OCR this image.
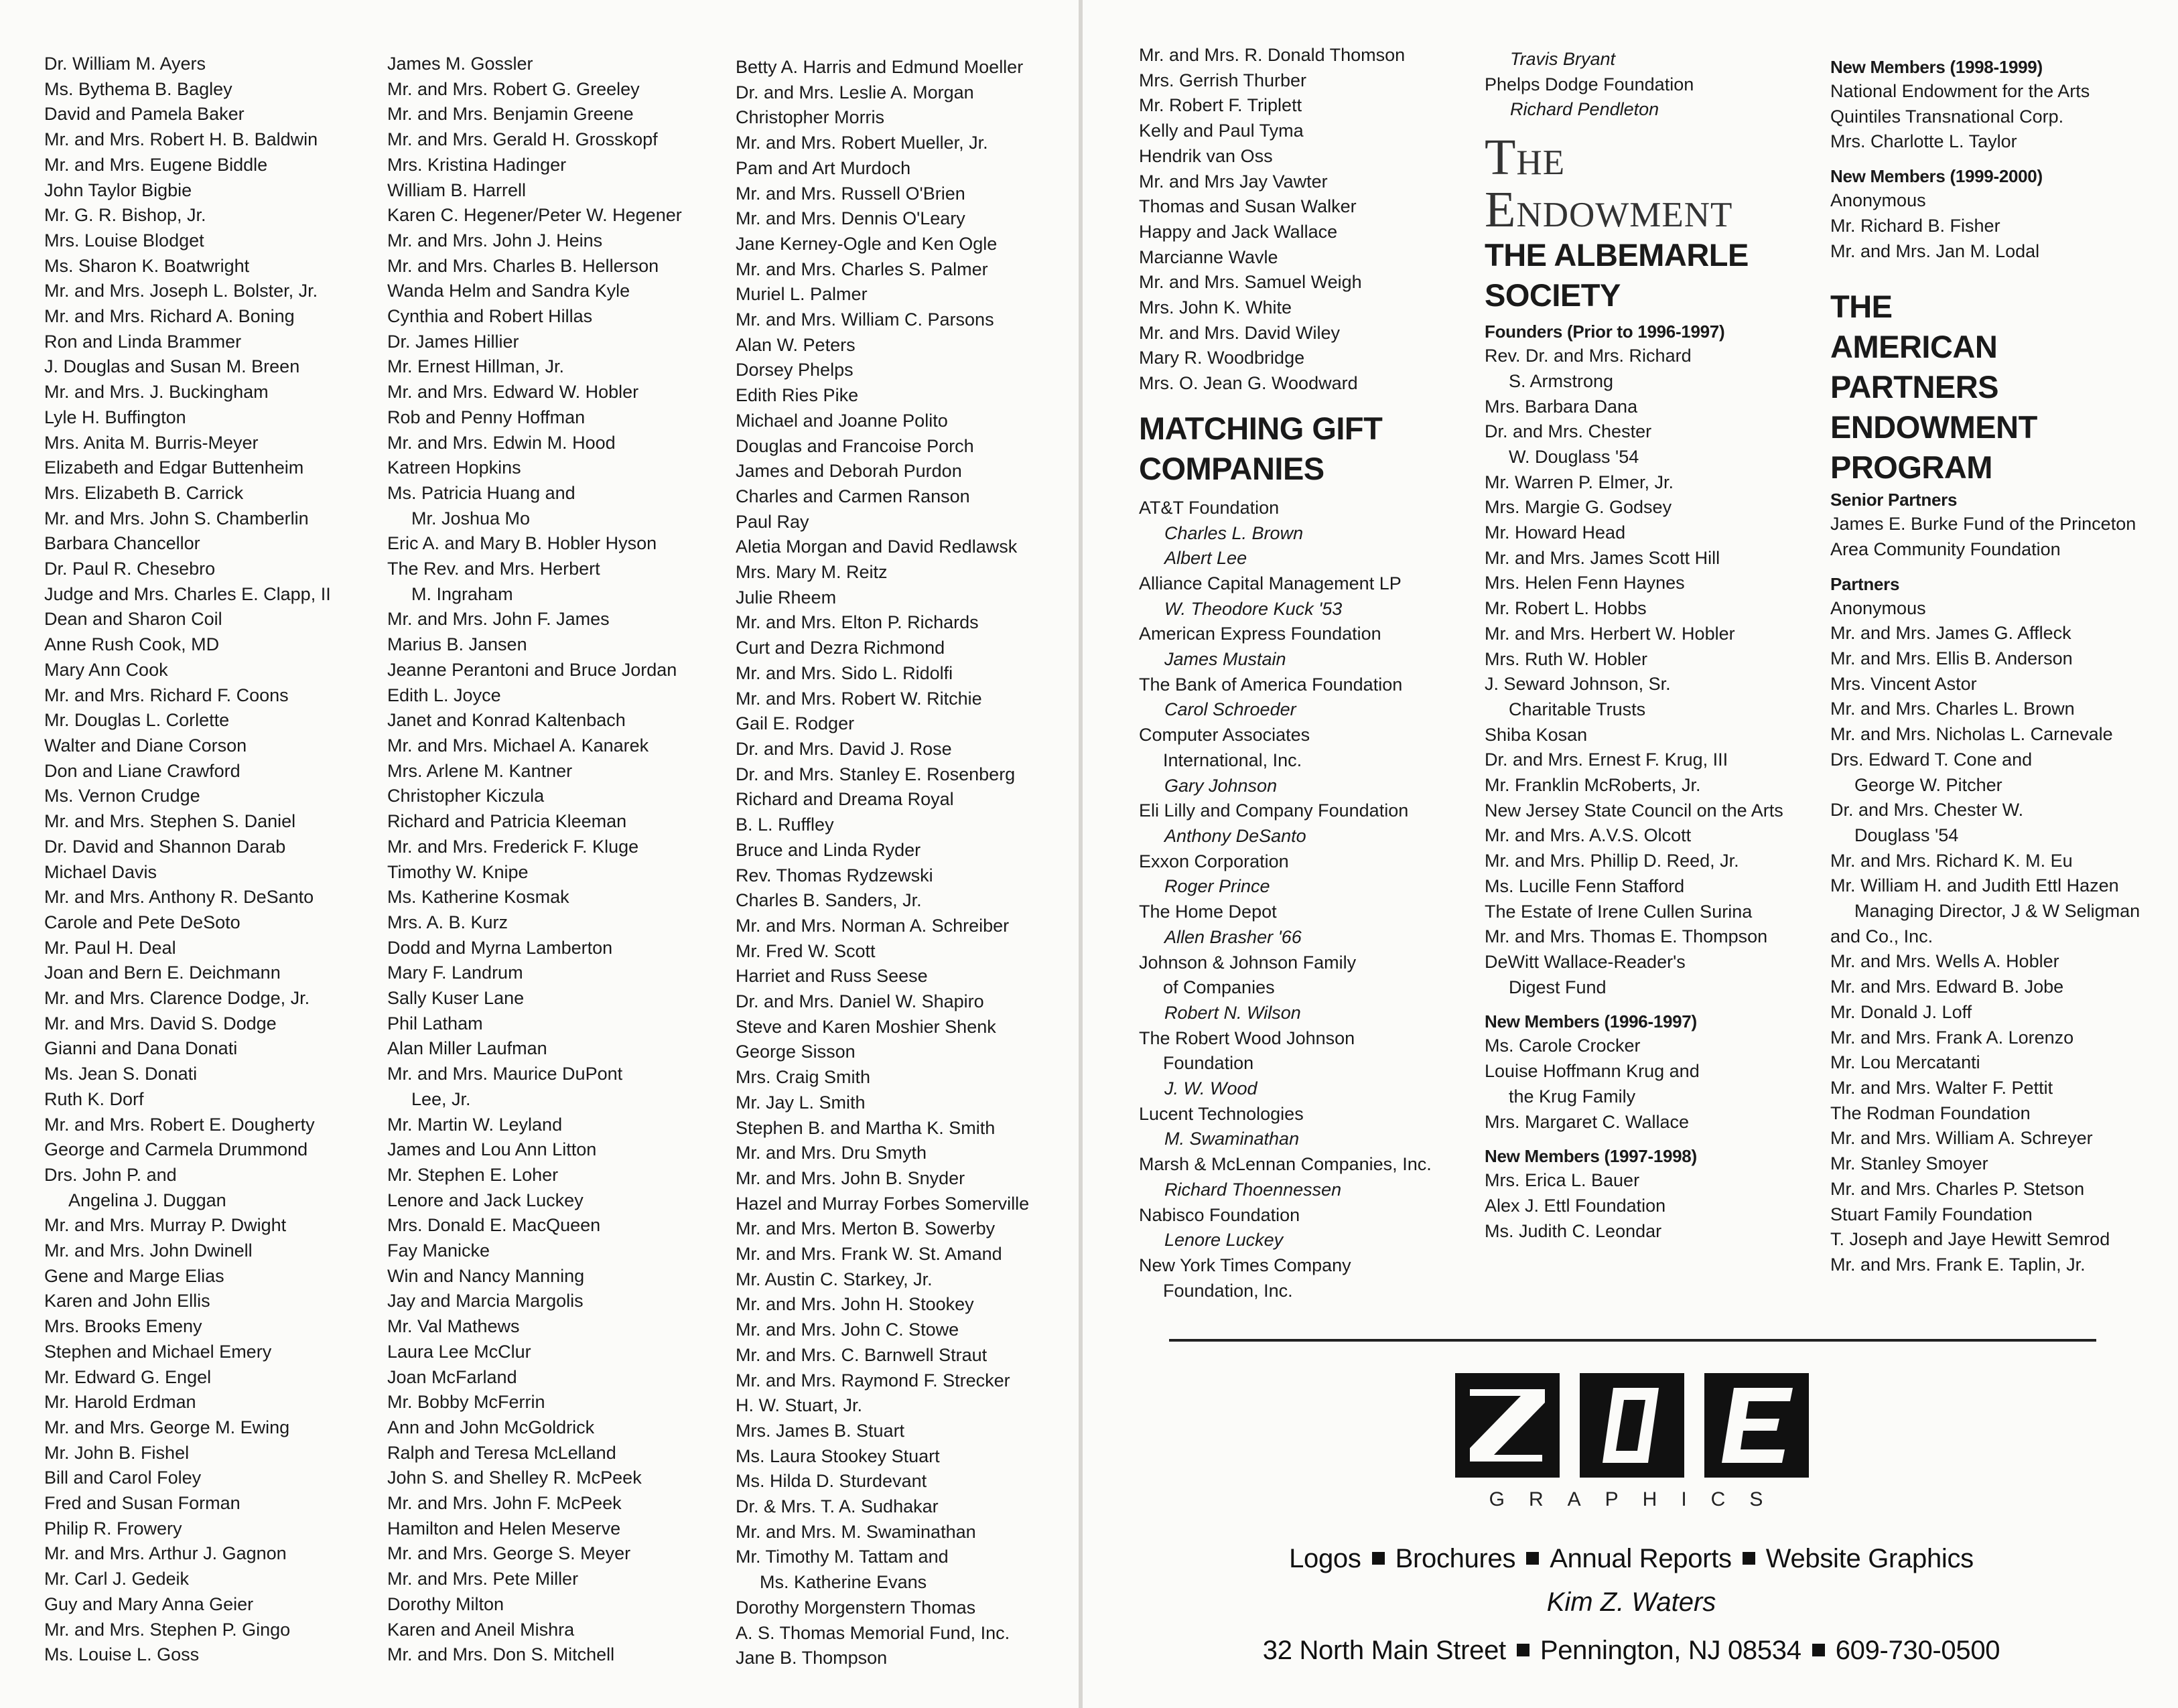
Dr. William M. Ayers
Ms. Bythema B. Bagley
David and Pamela Baker
Mr. and Mrs. Robert H. B. Baldwin
Mr. and Mrs. Eugene Biddle
John Taylor Bigbie
Mr. G. R. Bishop, Jr.
Mrs. Louise Blodget
Ms. Sharon K. Boatwright
Mr. and Mrs. Joseph L. Bolster, Jr.
Mr. and Mrs. Richard A. Boning
Ron and Linda Brammer
J. Douglas and Susan M. Breen
Mr. and Mrs. J. Buckingham
Lyle H. Buffington
Mrs. Anita M. Burris-Meyer
Elizabeth and Edgar Buttenheim
Mrs. Elizabeth B. Carrick
Mr. and Mrs. John S. Chamberlin
Barbara Chancellor
Dr. Paul R. Chesebro
Judge and Mrs. Charles E. Clapp, II
Dean and Sharon Coil
Anne Rush Cook, MD
Mary Ann Cook
Mr. and Mrs. Richard F. Coons
Mr. Douglas L. Corlette
Walter and Diane Corson
Don and Liane Crawford
Ms. Vernon Crudge
Mr. and Mrs. Stephen S. Daniel
Dr. David and Shannon Darab
Michael Davis
Mr. and Mrs. Anthony R. DeSanto
Carole and Pete DeSoto
Mr. Paul H. Deal
Joan and Bern E. Deichmann
Mr. and Mrs. Clarence Dodge, Jr.
Mr. and Mrs. David S. Dodge
Gianni and Dana Donati
Ms. Jean S. Donati
Ruth K. Dorf
Mr. and Mrs. Robert E. Dougherty
George and Carmela Drummond
Drs. John P. and
Angelina J. Duggan
Mr. and Mrs. Murray P. Dwight
Mr. and Mrs. John Dwinell
Gene and Marge Elias
Karen and John Ellis
Mrs. Brooks Emeny
Stephen and Michael Emery
Mr. Edward G. Engel
Mr. Harold Erdman
Mr. and Mrs. George M. Ewing
Mr. John B. Fishel
Bill and Carol Foley
Fred and Susan Forman
Philip R. Frowery
Mr. and Mrs. Arthur J. Gagnon
Mr. Carl J. Gedeik
Guy and Mary Anna Geier
Mr. and Mrs. Stephen P. Gingo
Ms. Louise L. Goss
James M. Gossler
Mr. and Mrs. Robert G. Greeley
Mr. and Mrs. Benjamin Greene
Mr. and Mrs. Gerald H. Grosskopf
Mrs. Kristina Hadinger
William B. Harrell
Karen C. Hegener/Peter W. Hegener
Mr. and Mrs. John J. Heins
Mr. and Mrs. Charles B. Hellerson
Wanda Helm and Sandra Kyle
Cynthia and Robert Hillas
Dr. James Hillier
Mr. Ernest Hillman, Jr.
Mr. and Mrs. Edward W. Hobler
Rob and Penny Hoffman
Mr. and Mrs. Edwin M. Hood
Katreen Hopkins
Ms. Patricia Huang and
Mr. Joshua Mo
Eric A. and Mary B. Hobler Hyson
The Rev. and Mrs. Herbert
M. Ingraham
Mr. and Mrs. John F. James
Marius B. Jansen
Jeanne Perantoni and Bruce Jordan
Edith L. Joyce
Janet and Konrad Kaltenbach
Mr. and Mrs. Michael A. Kanarek
Mrs. Arlene M. Kantner
Christopher Kiczula
Richard and Patricia Kleeman
Mr. and Mrs. Frederick F. Kluge
Timothy W. Knipe
Ms. Katherine Kosmak
Mrs. A. B. Kurz
Dodd and Myrna Lamberton
Mary F. Landrum
Sally Kuser Lane
Phil Latham
Alan Miller Laufman
Mr. and Mrs. Maurice DuPont
Lee, Jr.
Mr. Martin W. Leyland
James and Lou Ann Litton
Mr. Stephen E. Loher
Lenore and Jack Luckey
Mrs. Donald E. MacQueen
Fay Manicke
Win and Nancy Manning
Jay and Marcia Margolis
Mr. Val Mathews
Laura Lee McClur
Joan McFarland
Mr. Bobby McFerrin
Ann and John McGoldrick
Ralph and Teresa McLelland
John S. and Shelley R. McPeek
Mr. and Mrs. John F. McPeek
Hamilton and Helen Meserve
Mr. and Mrs. George S. Meyer
Mr. and Mrs. Pete Miller
Dorothy Milton
Karen and Aneil Mishra
Mr. and Mrs. Don S. Mitchell
Betty A. Harris and Edmund Moeller
Dr. and Mrs. Leslie A. Morgan
Christopher Morris
Mr. and Mrs. Robert Mueller, Jr.
Pam and Art Murdoch
Mr. and Mrs. Russell O'Brien
Mr. and Mrs. Dennis O'Leary
Jane Kerney-Ogle and Ken Ogle
Mr. and Mrs. Charles S. Palmer
Muriel L. Palmer
Mr. and Mrs. William C. Parsons
Alan W. Peters
Dorsey Phelps
Edith Ries Pike
Michael and Joanne Polito
Douglas and Francoise Porch
James and Deborah Purdon
Charles and Carmen Ranson
Paul Ray
Aletia Morgan and David Redlawsk
Mrs. Mary M. Reitz
Julie Rheem
Mr. and Mrs. Elton P. Richards
Curt and Dezra Richmond
Mr. and Mrs. Sido L. Ridolfi
Mr. and Mrs. Robert W. Ritchie
Gail E. Rodger
Dr. and Mrs. David J. Rose
Dr. and Mrs. Stanley E. Rosenberg
Richard and Dreama Royal
B. L. Ruffley
Bruce and Linda Ryder
Rev. Thomas Rydzewski
Charles B. Sanders, Jr.
Mr. and Mrs. Norman A. Schreiber
Mr. Fred W. Scott
Harriet and Russ Seese
Dr. and Mrs. Daniel W. Shapiro
Steve and Karen Moshier Shenk
George Sisson
Mrs. Craig Smith
Mr. Jay L. Smith
Stephen B. and Martha K. Smith
Mr. and Mrs. Dru Smyth
Mr. and Mrs. John B. Snyder
Hazel and Murray Forbes Somerville
Mr. and Mrs. Merton B. Sowerby
Mr. and Mrs. Frank W. St. Amand
Mr. Austin C. Starkey, Jr.
Mr. and Mrs. John H. Stookey
Mr. and Mrs. John C. Stowe
Mr. and Mrs. C. Barnwell Straut
Mr. and Mrs. Raymond F. Strecker
H. W. Stuart, Jr.
Mrs. James B. Stuart
Ms. Laura Stookey Stuart
Ms. Hilda D. Sturdevant
Dr. & Mrs. T. A. Sudhakar
Mr. and Mrs. M. Swaminathan
Mr. Timothy M. Tattam and
Ms. Katherine Evans
Dorothy Morgenstern Thomas
A. S. Thomas Memorial Fund, Inc.
Jane B. Thompson
Mr. and Mrs. R. Donald Thomson
Mrs. Gerrish Thurber
Mr. Robert F. Triplett
Kelly and Paul Tyma
Hendrik van Oss
Mr. and Mrs Jay Vawter
Thomas and Susan Walker
Happy and Jack Wallace
Marcianne Wavle
Mr. and Mrs. Samuel Weigh
Mrs. John K. White
Mr. and Mrs. David Wiley
Mary R. Woodbridge
Mrs. O. Jean G. Woodward
MATCHING GIFT
COMPANIES
AT&T Foundation
Charles L. Brown
Albert Lee
Alliance Capital Management LP
W. Theodore Kuck '53
American Express Foundation
James Mustain
The Bank of America Foundation
Carol Schroeder
Computer Associates
International, Inc.
Gary Johnson
Eli Lilly and Company Foundation
Anthony DeSanto
Exxon Corporation
Roger Prince
The Home Depot
Allen Brasher '66
Johnson & Johnson Family
of Companies
Robert N. Wilson
The Robert Wood Johnson
Foundation
J. W. Wood
Lucent Technologies
M. Swaminathan
Marsh & McLennan Companies, Inc.
Richard Thoennessen
Nabisco Foundation
Lenore Luckey
New York Times Company
Foundation, Inc.
Travis Bryant
Phelps Dodge Foundation
Richard Pendleton
The
Endowment
THE ALBEMARLE
SOCIETY
Founders (Prior to 1996-1997)
Rev. Dr. and Mrs. Richard
S. Armstrong
Mrs. Barbara Dana
Dr. and Mrs. Chester
W. Douglass '54
Mr. Warren P. Elmer, Jr.
Mrs. Margie G. Godsey
Mr. Howard Head
Mr. and Mrs. James Scott Hill
Mrs. Helen Fenn Haynes
Mr. Robert L. Hobbs
Mr. and Mrs. Herbert W. Hobler
Mrs. Ruth W. Hobler
J. Seward Johnson, Sr.
Charitable Trusts
Shiba Kosan
Dr. and Mrs. Ernest F. Krug, III
Mr. Franklin McRoberts, Jr.
New Jersey State Council on the Arts
Mr. and Mrs. A.V.S. Olcott
Mr. and Mrs. Phillip D. Reed, Jr.
Ms. Lucille Fenn Stafford
The Estate of Irene Cullen Surina
Mr. and Mrs. Thomas E. Thompson
DeWitt Wallace-Reader's
Digest Fund
New Members (1996-1997)
Ms. Carole Crocker
Louise Hoffmann Krug and
the Krug Family
Mrs. Margaret C. Wallace
New Members (1997-1998)
Mrs. Erica L. Bauer
Alex J. Ettl Foundation
Ms. Judith C. Leondar
New Members (1998-1999)
National Endowment for the Arts
Quintiles Transnational Corp.
Mrs. Charlotte L. Taylor
New Members (1999-2000)
Anonymous
Mr. Richard B. Fisher
Mr. and Mrs. Jan M. Lodal
THE
AMERICAN
PARTNERS
ENDOWMENT
PROGRAM
Senior Partners
James E. Burke Fund of the Princeton
Area Community Foundation
Partners
Anonymous
Mr. and Mrs. James G. Affleck
Mr. and Mrs. Ellis B. Anderson
Mrs. Vincent Astor
Mr. and Mrs. Charles L. Brown
Mr. and Mrs. Nicholas L. Carnevale
Drs. Edward T. Cone and
George W. Pitcher
Dr. and Mrs. Chester W.
Douglass '54
Mr. and Mrs. Richard K. M. Eu
Mr. William H. and Judith Ettl Hazen
Managing Director, J & W Seligman
and Co., Inc.
Mr. and Mrs. Wells A. Hobler
Mr. and Mrs. Edward B. Jobe
Mr. Donald J. Loff
Mr. and Mrs. Frank A. Lorenzo
Mr. Lou Mercatanti
Mr. and Mrs. Walter F. Pettit
The Rodman Foundation
Mr. and Mrs. William A. Schreyer
Mr. Stanley Smoyer
Mr. and Mrs. Charles P. Stetson
Stuart Family Foundation
T. Joseph and Jaye Hewitt Semrod
Mr. and Mrs. Frank E. Taplin, Jr.
GRAPHICS
Logos Brochures Annual Reports Website Graphics
Kim Z. Waters
32 North Main Street Pennington, NJ 08534 609-730-0500
